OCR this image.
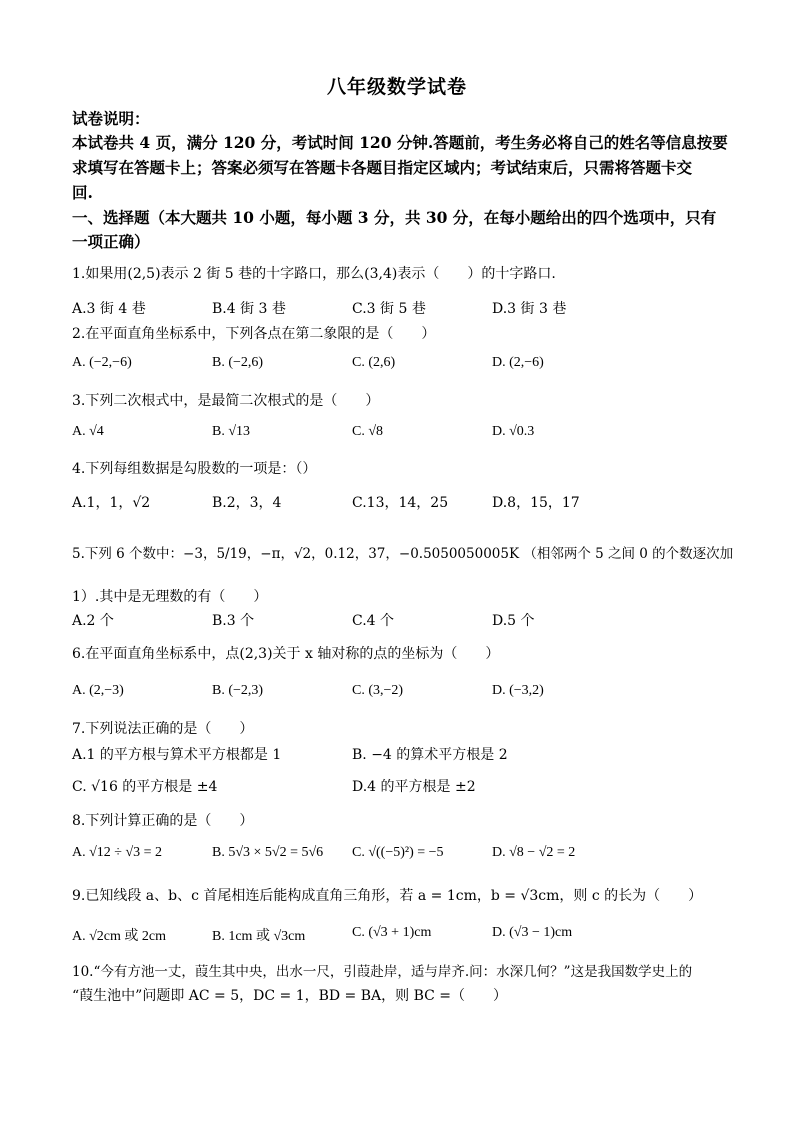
八年级数学试卷
试卷说明：
本试卷共 4 页，满分 120 分，考试时间 120 分钟.答题前，考生务必将自己的姓名等信息按要
求填写在答题卡上；答案必须写在答题卡各题目指定区域内；考试结束后，只需将答题卡交
回.
一、选择题（本大题共 10 小题，每小题 3 分，共 30 分，在每小题给出的四个选项中，只有
一项正确）
1.如果用(2,5)表示 2 街 5 巷的十字路口，那么(3,4)表示（　　）的十字路口.
A.3 街 4 巷	B.4 街 3 巷	C.3 街 5 巷	D.3 街 3 巷
2.在平面直角坐标系中，下列各点在第二象限的是（　　）
A. (−2,−6)	B. (−2,6)	C. (2,6)	D. (2,−6)
3.下列二次根式中，是最简二次根式的是（　　）
A. √4	B. √13	C. √8	D. √0.3
4.下列每组数据是勾股数的一项是：（）
A.1，1，√2	B.2，3，4	C.13，14，25	D.8，15，17
5.下列 6 个数中：−3，5/19，−π，√2，0.12，37，−0.5050050005K （相邻两个 5 之间 0 的个数逐次加
1）.其中是无理数的有（　　）
A.2 个	B.3 个	C.4 个	D.5 个
6.在平面直角坐标系中，点(2,3)关于 x 轴对称的点的坐标为（　　）
A. (2,−3)	B. (−2,3)	C. (3,−2)	D. (−3,2)
7.下列说法正确的是（　　）
A.1 的平方根与算术平方根都是 1	B. −4 的算术平方根是 2
C. √16 的平方根是 ±4	D.4 的平方根是 ±2
8.下列计算正确的是（　　）
A. √12 ÷ √3 = 2	B. 5√3 × 5√2 = 5√6 C. √((−5)²) = −5	D. √8 − √2 = 2
9.已知线段 a、b、c 首尾相连后能构成直角三角形，若 a = 1cm，b = √3cm，则 c 的长为（　　）
A. √2cm 或 2cm	B. 1cm 或 √3cm	C. (√3 + 1)cm	D. (√3 − 1)cm
10.“今有方池一丈，葭生其中央，出水一尺，引葭赴岸，适与岸齐.问：水深几何？”这是我国数学史上的
“葭生池中”问题即 AC = 5，DC = 1，BD = BA，则 BC =（　　）
